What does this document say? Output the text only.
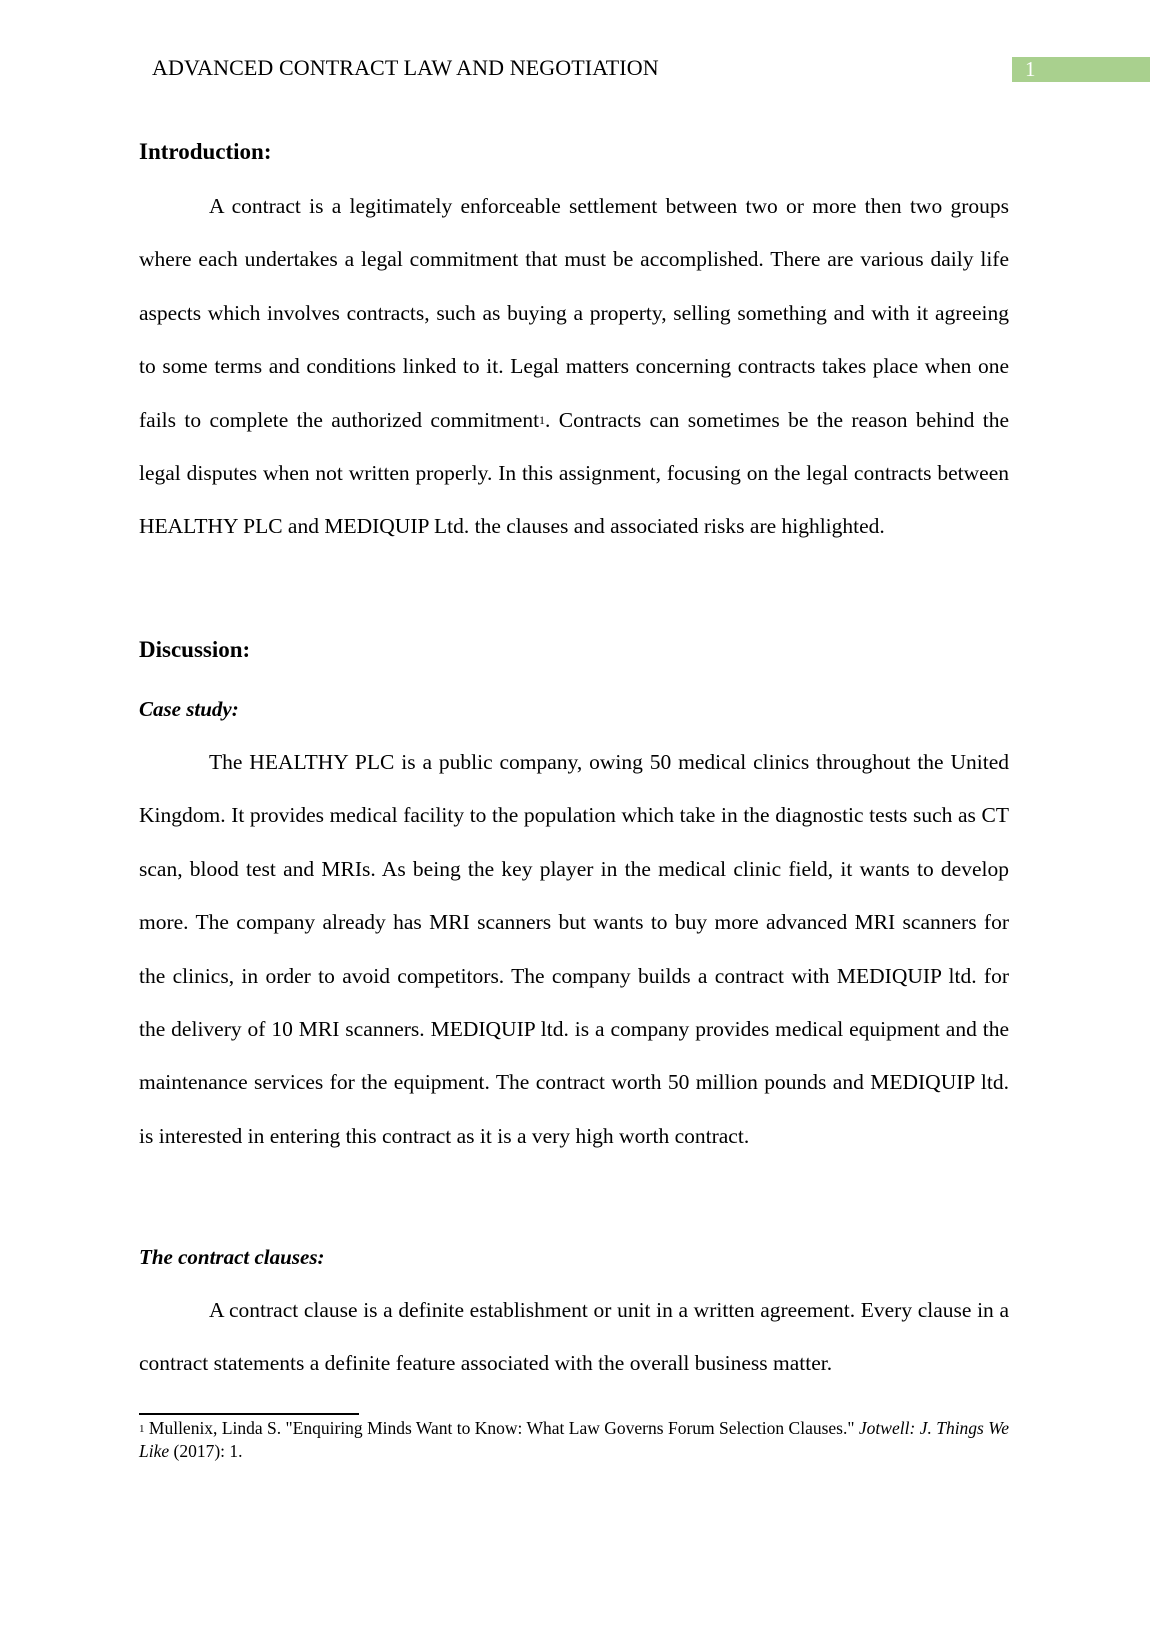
ADVANCED CONTRACT LAW AND NEGOTIATION	1
Introduction:

A contract is a legitimately enforceable settlement between two or more then two groups where each undertakes a legal commitment that must be accomplished. There are various daily life aspects which involves contracts, such as buying a property, selling something and with it agreeing to some terms and conditions linked to it. Legal matters concerning contracts takes place when one fails to complete the authorized commitment$^1$. Contracts can sometimes be the reason behind the legal disputes when not written properly. In this assignment, focusing on the legal contracts between HEALTHY PLC and MEDIQUIP Ltd. the clauses and associated risks are highlighted.

Discussion:
Case study:

The HEALTHY PLC is a public company, owing 50 medical clinics throughout the United Kingdom. It provides medical facility to the population which take in the diagnostic tests such as CT scan, blood test and MRIs. As being the key player in the medical clinic field, it wants to develop more. The company already has MRI scanners but wants to buy more advanced MRI scanners for the clinics, in order to avoid competitors. The company builds a contract with MEDIQUIP ltd. for the delivery of 10 MRI scanners. MEDIQUIP ltd. is a company provides medical equipment and the maintenance services for the equipment. The contract worth 50 million pounds and MEDIQUIP ltd. is interested in entering this contract as it is a very high worth contract.

The contract clauses:

A contract clause is a definite establishment or unit in a written agreement. Every clause in a contract statements a definite feature associated with the overall business matter.

$^1$ Mullenix, Linda S. "Enquiring Minds Want to Know: What Law Governs Forum Selection Clauses." Jotwell: J. Things We Like (2017): 1.
